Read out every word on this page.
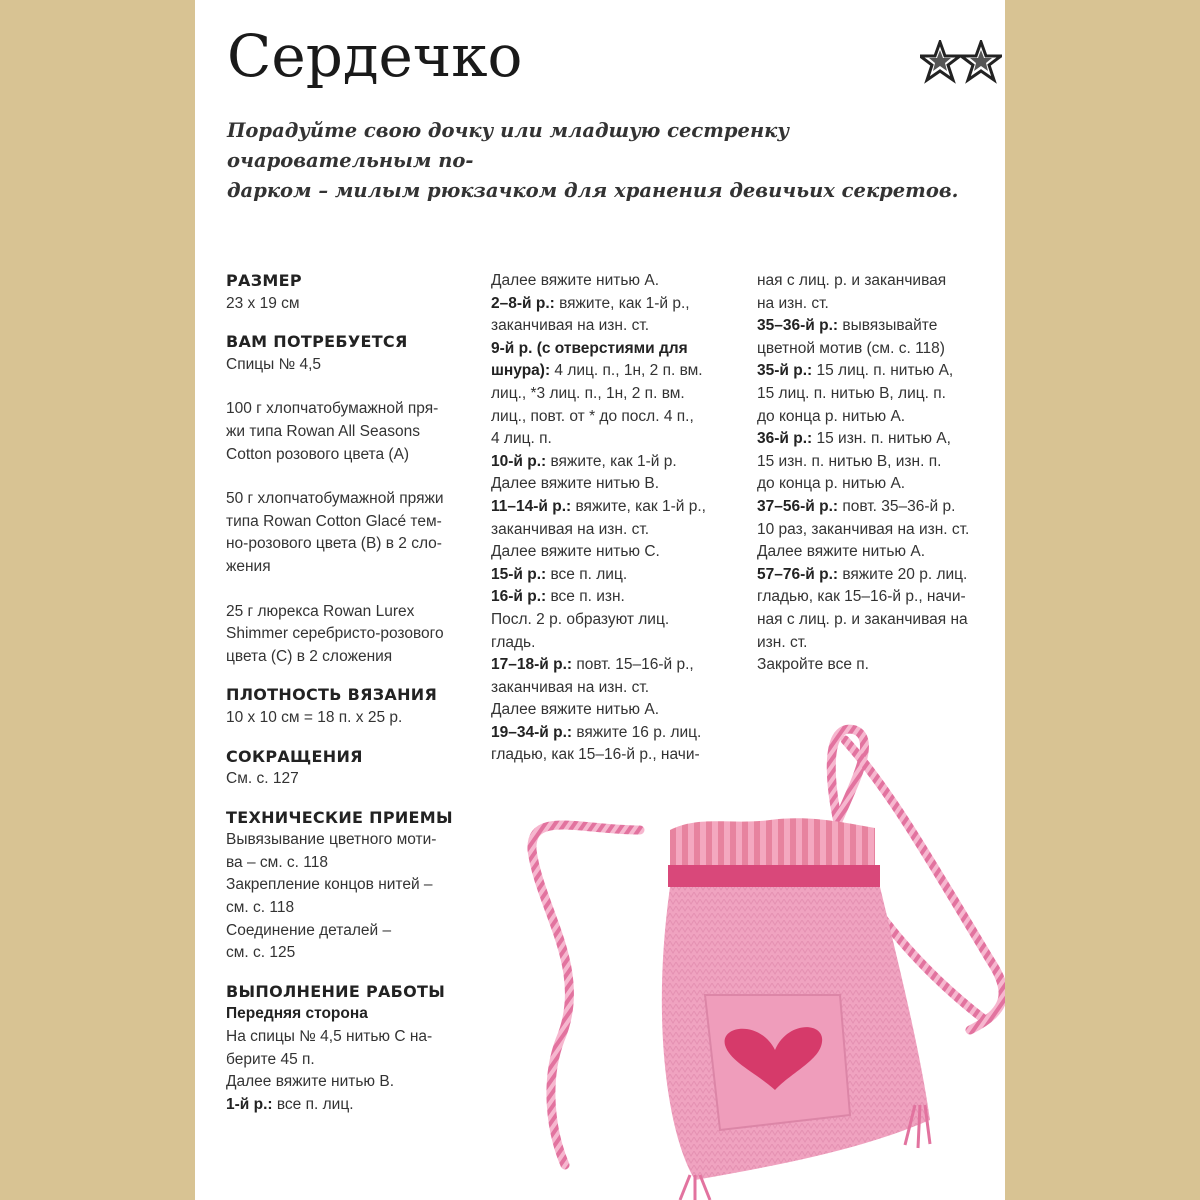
Сердечко
Порадуйте свою дочку или младшую сестренку очаровательным по-
дарком – милым рюкзачком для хранения девичьих секретов.
РАЗМЕР
23 х 19 см
ВАМ ПОТРЕБУЕТСЯ
Спицы № 4,5
100 г хлопчатобумажной пря-
жи типа Rowan All Seasons
Cotton розового цвета (А)
50 г хлопчатобумажной пряжи
типа Rowan Cotton Glacé тем-
но-розового цвета (В) в 2 сло-
жения
25 г люрекса Rowan Lurex
Shimmer серебристо-розового
цвета (С) в 2 сложения
ПЛОТНОСТЬ ВЯЗАНИЯ
10 х 10 см = 18 п. х 25 р.
СОКРАЩЕНИЯ
См. с. 127
ТЕХНИЧЕСКИЕ ПРИЕМЫ
Вывязывание цветного моти-
ва – см. с. 118
Закрепление концов нитей –
см. с. 118
Соединение деталей –
см. с. 125
ВЫПОЛНЕНИЕ РАБОТЫ
Передняя сторона
На спицы № 4,5 нитью С на-
берите 45 п.
Далее вяжите нитью В.
1-й р.: все п. лиц.
Далее вяжите нитью А.
2–8-й р.: вяжите, как 1-й р.,
заканчивая на изн. ст.
9-й р. (с отверстиями для
шнура): 4 лиц. п., 1н, 2 п. вм.
лиц., *3 лиц. п., 1н, 2 п. вм.
лиц., повт. от * до посл. 4 п.,
4 лиц. п.
10-й р.: вяжите, как 1-й р.
Далее вяжите нитью В.
11–14-й р.: вяжите, как 1-й р.,
заканчивая на изн. ст.
Далее вяжите нитью С.
15-й р.: все п. лиц.
16-й р.: все п. изн.
Посл. 2 р. образуют лиц.
гладь.
17–18-й р.: повт. 15–16-й р.,
заканчивая на изн. ст.
Далее вяжите нитью А.
19–34-й р.: вяжите 16 р. лиц.
гладью, как 15–16-й р., начи-
ная с лиц. р. и заканчивая
на изн. ст.
35–36-й р.: вывязывайте
цветной мотив (см. с. 118)
35-й р.: 15 лиц. п. нитью А,
15 лиц. п. нитью В, лиц. п.
до конца р. нитью А.
36-й р.: 15 изн. п. нитью А,
15 изн. п. нитью В, изн. п.
до конца р. нитью А.
37–56-й р.: повт. 35–36-й р.
10 раз, заканчивая на изн. ст.
Далее вяжите нитью А.
57–76-й р.: вяжите 20 р. лиц.
гладью, как 15–16-й р., начи-
ная с лиц. р. и заканчивая на
изн. ст.
Закройте все п.
